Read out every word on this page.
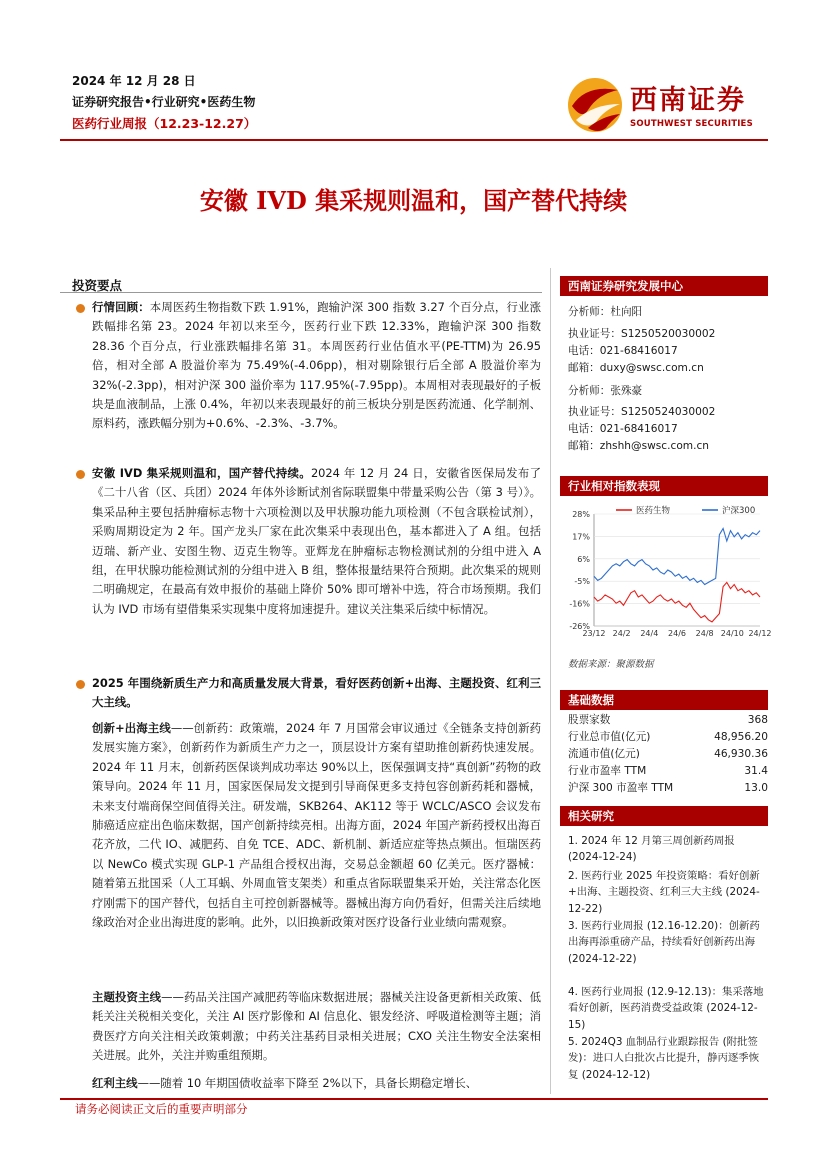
2024 年 12 月 28 日
证券研究报告•行业研究•医药生物
医药行业周报（12.23-12.27）
西南证券
SOUTHWEST SECURITIES
安徽 IVD 集采规则温和，国产替代持续
投资要点
行情回顾：本周医药生物指数下跌 1.91%，跑输沪深 300 指数 3.27 个百分点，行业涨跌幅排名第 23。2024 年初以来至今，医药行业下跌 12.33%，跑输沪深 300 指数 28.36 个百分点，行业涨跌幅排名第 31。本周医药行业估值水平(PE-TTM)为 26.95 倍，相对全部 A 股溢价率为 75.49%(-4.06pp)，相对剔除银行后全部 A 股溢价率为 32%(-2.3pp)，相对沪深 300 溢价率为 117.95%(-7.95pp)。本周相对表现最好的子板块是血液制品，上涨 0.4%，年初以来表现最好的前三板块分别是医药流通、化学制剂、原料药，涨跌幅分别为+0.6%、-2.3%、-3.7%。
安徽 IVD 集采规则温和，国产替代持续。2024 年 12 月 24 日，安徽省医保局发布了《二十八省（区、兵团）2024 年体外诊断试剂省际联盟集中带量采购公告（第 3 号）》。集采品种主要包括肿瘤标志物十六项检测以及甲状腺功能九项检测（不包含联检试剂），采购周期设定为 2 年。国产龙头厂家在此次集采中表现出色，基本都进入了 A 组。包括迈瑞、新产业、安图生物、迈克生物等。亚辉龙在肿瘤标志物检测试剂的分组中进入 A 组，在甲状腺功能检测试剂的分组中进入 B 组，整体报量结果符合预期。此次集采的规则二明确规定，在最高有效申报价的基础上降价 50% 即可增补中选，符合市场预期。我们认为 IVD 市场有望借集采实现集中度将加速提升。建议关注集采后续中标情况。
2025 年围绕新质生产力和高质量发展大背景，看好医药创新+出海、主题投资、红利三大主线。
创新+出海主线——创新药：政策端，2024 年 7 月国常会审议通过《全链条支持创新药发展实施方案》，创新药作为新质生产力之一，顶层设计方案有望助推创新药快速发展。2024 年 11 月末，创新药医保谈判成功率达 90%以上，医保强调支持“真创新”药物的政策导向。2024 年 11 月，国家医保局发文提到引导商保更多支持包容创新药耗和器械，未来支付端商保空间值得关注。研发端，SKB264、AK112 等于 WCLC/ASCO 会议发布肺癌适应症出色临床数据，国产创新持续亮相。出海方面，2024 年国产新药授权出海百花齐放，二代 IO、减肥药、自免 TCE、ADC、新机制、新适应症等热点频出。恒瑞医药以 NewCo 模式实现 GLP-1 产品组合授权出海，交易总金额超 60 亿美元。医疗器械：随着第五批国采（人工耳蜗、外周血管支架类）和重点省际联盟集采开始，关注常态化医疗刚需下的国产替代，包括自主可控创新器械等。器械出海方向仍看好，但需关注后续地缘政治对企业出海进度的影响。此外，以旧换新政策对医疗设备行业业绩向需观察。
主题投资主线——药品关注国产减肥药等临床数据进展；器械关注设备更新相关政策、低耗关注关税相关变化，关注 AI 医疗影像和 AI 信息化、银发经济、呼吸道检测等主题；消费医疗方向关注相关政策刺激；中药关注基药目录相关进展；CXO 关注生物安全法案相关进展。此外，关注并购重组预期。
红利主线——随着 10 年期国债收益率下降至 2%以下，具备长期稳定增长、
西南证券研究发展中心
分析师：杜向阳
执业证号：S1250520030002
电话：021-68416017
邮箱：duxy@swsc.com.cn
分析师：张殊豪
执业证号：S1250524030002
电话：021-68416017
邮箱：zhshh@swsc.com.cn
行业相对指数表现
28%
17%
6%
-5%
-16%
-26%
23/12 24/2 24/4 24/6 24/8 24/10 24/12
医药生物	沪深300
数据来源：聚源数据
基础数据
股票家数	368
行业总市值(亿元)	48,956.20
流通市值(亿元)	46,930.36
行业市盈率 TTM	31.4
沪深 300 市盈率 TTM	13.0
相关研究
1. 2024 年 12 月第三周创新药周报 (2024-12-24)
2. 医药行业 2025 年投资策略：看好创新+出海、主题投资、红利三大主线 (2024-12-22)
3. 医药行业周报 (12.16-12.20)：创新药出海再添重磅产品，持续看好创新药出海 (2024-12-22)
4. 医药行业周报 (12.9-12.13)：集采落地看好创新，医药消费受益政策 (2024-12-15)
5. 2024Q3 血制品行业跟踪报告 (附批签发)：进口人白批次占比提升，静丙逐季恢复 (2024-12-12)
请务必阅读正文后的重要声明部分
